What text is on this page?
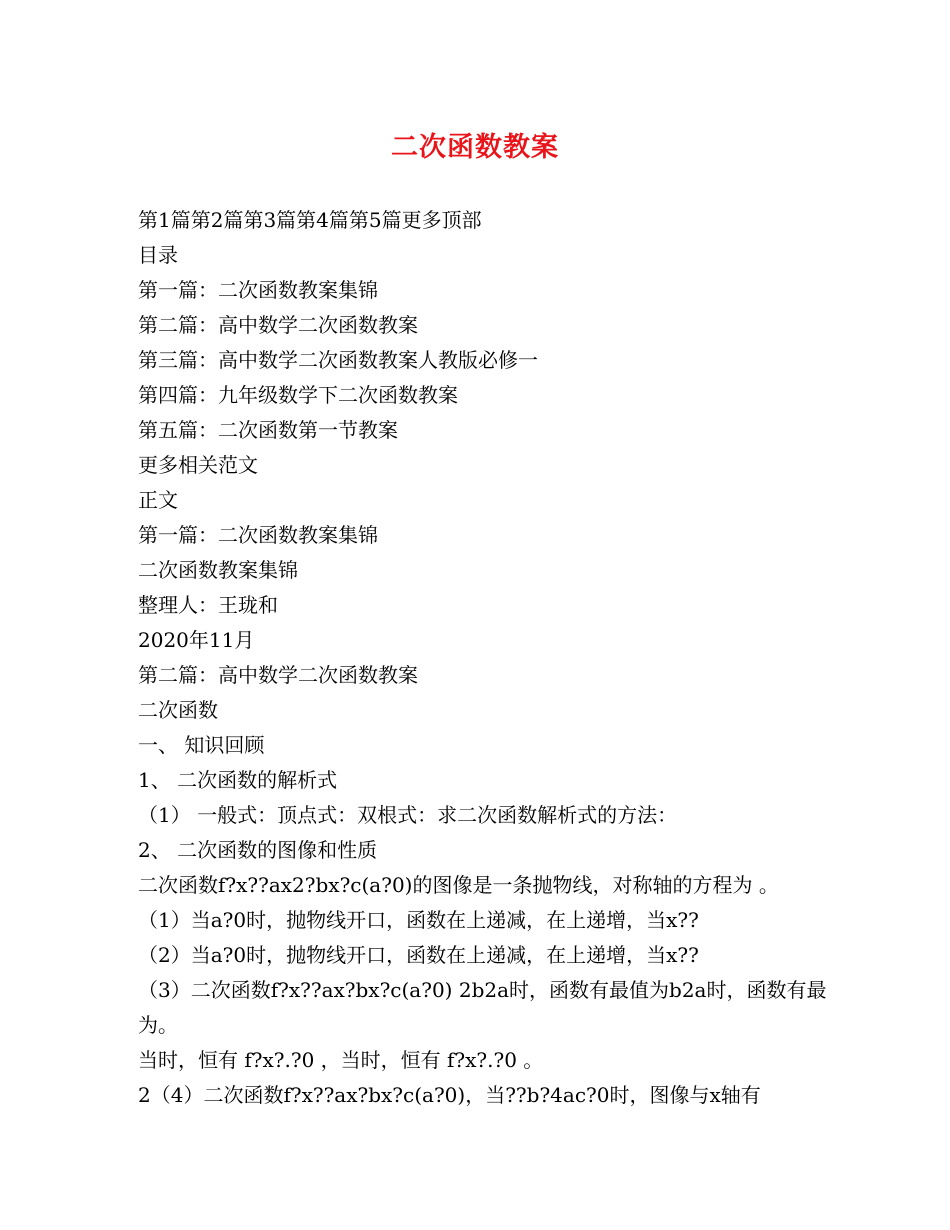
二次函数教案
第1篇第2篇第3篇第4篇第5篇更多顶部
目录
第一篇：二次函数教案集锦
第二篇：高中数学二次函数教案
第三篇：高中数学二次函数教案人教版必修一
第四篇：九年级数学下二次函数教案
第五篇：二次函数第一节教案
更多相关范文
正文
第一篇：二次函数教案集锦
二次函数教案集锦
整理人：王珑和
2020年11月
第二篇：高中数学二次函数教案
二次函数
一、 知识回顾
1、 二次函数的解析式
（1） 一般式：顶点式：双根式：求二次函数解析式的方法：
2、 二次函数的图像和性质
二次函数f?x??ax2?bx?c(a?0)的图像是一条抛物线，对称轴的方程为 。
（1）当a?0时，抛物线开口，函数在上递减，在上递增，当x??
（2）当a?0时，抛物线开口，函数在上递减，在上递增，当x??
（3）二次函数f?x??ax?bx?c(a?0) 2b2a时，函数有最值为b2a时，函数有最为。
当时，恒有 f?x?.?0 ，当时，恒有 f?x?.?0 。
2（4）二次函数f?x??ax?bx?c(a?0)，当??b?4ac?0时，图像与x轴有
